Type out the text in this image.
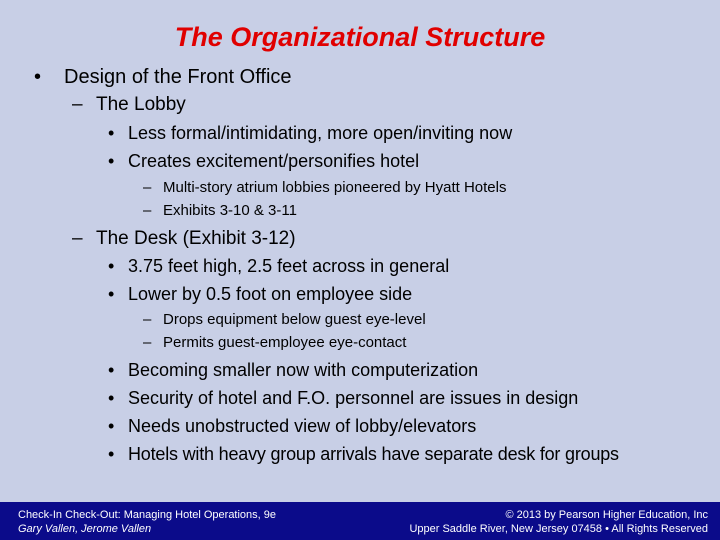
The Organizational Structure
• Design of the Front Office
– The Lobby
• Less formal/intimidating, more open/inviting now
• Creates excitement/personifies hotel
– Multi-story atrium lobbies pioneered by Hyatt Hotels
– Exhibits 3-10 & 3-11
– The Desk (Exhibit 3-12)
• 3.75 feet high, 2.5 feet across in general
• Lower by 0.5 foot on employee side
– Drops equipment below guest eye-level
– Permits guest-employee eye-contact
• Becoming smaller now with computerization
• Security of hotel and F.O. personnel are issues in design
• Needs unobstructed view of lobby/elevators
• Hotels with heavy group arrivals have separate desk for groups
Check-In Check-Out: Managing Hotel Operations, 9e
Gary Vallen, Jerome Vallen
© 2013 by Pearson Higher Education, Inc
Upper Saddle River, New Jersey 07458 • All Rights Reserved
